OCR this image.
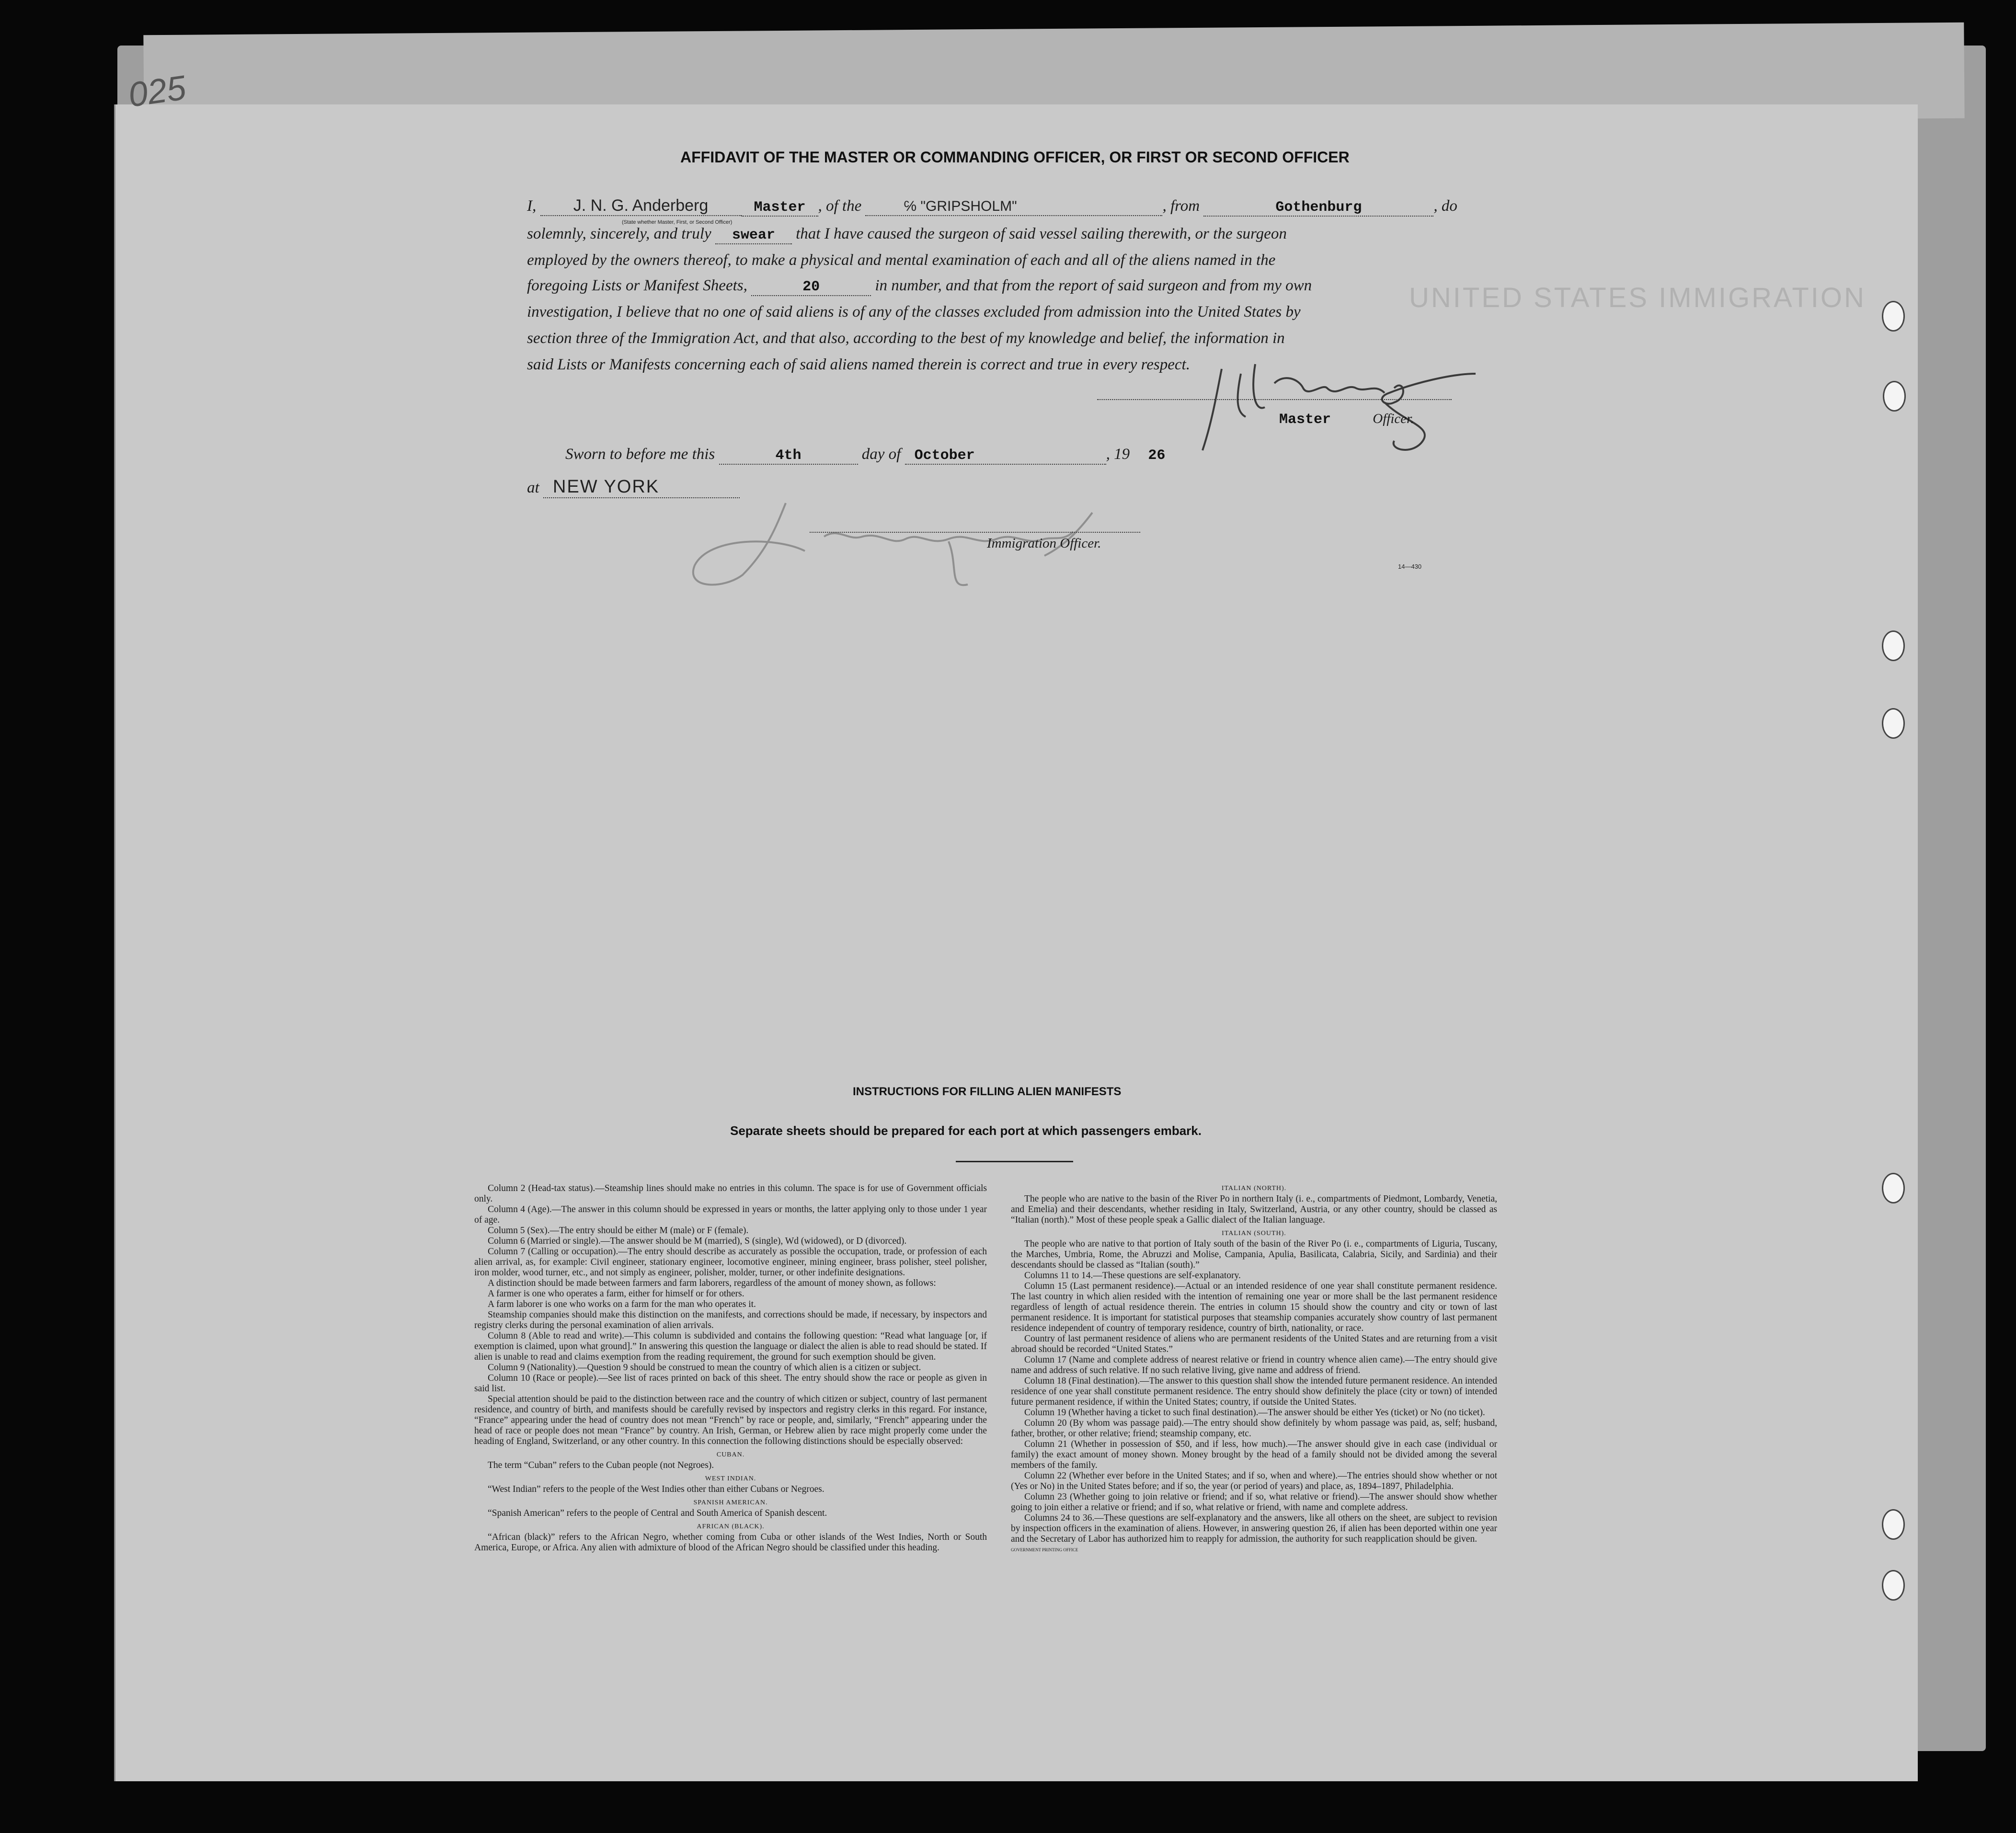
UNITED STATES IMMIGRATION
025
AFFIDAVIT OF THE MASTER OR COMMANDING OFFICER, OR FIRST OR SECOND OFFICER
I, J. N. G. Anderberg	Master , of the	℅ "GRIPSHOLM"	, from	Gothenburg	, do
(State whether Master, First, or Second Officer)
solemnly, sincerely, and truly swear that I have caused the surgeon of said vessel sailing therewith, or the surgeon
employed by the owners thereof, to make a physical and mental examination of each and all of the aliens named in the
foregoing Lists or Manifest Sheets,	20	in number, and that from the report of said surgeon and from my own
investigation, I believe that no one of said aliens is of any of the classes excluded from admission into the United States by
section three of the Immigration Act, and that also, according to the best of my knowledge and belief, the information in
said Lists or Manifests concerning each of said aliens named therein is correct and true in every respect.
Master	Officer.
Sworn to before me this	4th	day of October	, 19 26
at NEW YORK
Immigration Officer.
14—430
INSTRUCTIONS FOR FILLING ALIEN MANIFESTS
Separate sheets should be prepared for each port at which passengers embark.

Column 2 (Head-tax status).—Steamship lines should make no entries in this column. The space is for use of Government officials only.

Column 4 (Age).—The answer in this column should be expressed in years or months, the latter applying only to those under 1 year of age.

Column 5 (Sex).—The entry should be either M (male) or F (female).

Column 6 (Married or single).—The answer should be M (married), S (single), Wd (widowed), or D (divorced).

Column 7 (Calling or occupation).—The entry should describe as accurately as possible the occupation, trade, or profession of each alien arrival, as, for example: Civil engineer, stationary engineer, locomotive engineer, mining engineer, brass polisher, steel polisher, iron molder, wood turner, etc., and not simply as engineer, polisher, molder, turner, or other indefinite designations.

A distinction should be made between farmers and farm laborers, regardless of the amount of money shown, as follows:

A farmer is one who operates a farm, either for himself or for others.

A farm laborer is one who works on a farm for the man who operates it.

Steamship companies should make this distinction on the manifests, and corrections should be made, if necessary, by inspectors and registry clerks during the personal examination of alien arrivals.

Column 8 (Able to read and write).—This column is subdivided and contains the following question: “Read what language [or, if exemption is claimed, upon what ground].” In answering this question the language or dialect the alien is able to read should be stated. If alien is unable to read and claims exemption from the reading requirement, the ground for such exemption should be given.

Column 9 (Nationality).—Question 9 should be construed to mean the country of which alien is a citizen or subject.

Column 10 (Race or people).—See list of races printed on back of this sheet. The entry should show the race or people as given in said list.

Special attention should be paid to the distinction between race and the country of which citizen or subject, country of last permanent residence, and country of birth, and manifests should be carefully revised by inspectors and registry clerks in this regard. For instance, “France” appearing under the head of country does not mean “French” by race or people, and, similarly, “French” appearing under the head of race or people does not mean “France” by country. An Irish, German, or Hebrew alien by race might properly come under the heading of England, Switzerland, or any other country. In this connection the following distinctions should be especially observed:

CUBAN.

The term “Cuban” refers to the Cuban people (not Negroes).

WEST INDIAN.

“West Indian” refers to the people of the West Indies other than either Cubans or Negroes.

SPANISH AMERICAN.

“Spanish American” refers to the people of Central and South America of Spanish descent.

AFRICAN (BLACK).

“African (black)” refers to the African Negro, whether coming from Cuba or other islands of the West Indies, North or South America, Europe, or Africa. Any alien with admixture of blood of the African Negro should be classified under this heading.

ITALIAN (NORTH).

The people who are native to the basin of the River Po in northern Italy (i. e., compartments of Piedmont, Lombardy, Venetia, and Emelia) and their descendants, whether residing in Italy, Switzerland, Austria, or any other country, should be classed as “Italian (north).” Most of these people speak a Gallic dialect of the Italian language.

ITALIAN (SOUTH).

The people who are native to that portion of Italy south of the basin of the River Po (i. e., compartments of Liguria, Tuscany, the Marches, Umbria, Rome, the Abruzzi and Molise, Campania, Apulia, Basilicata, Calabria, Sicily, and Sardinia) and their descendants should be classed as “Italian (south).”

Columns 11 to 14.—These questions are self-explanatory.

Column 15 (Last permanent residence).—Actual or an intended residence of one year shall constitute permanent residence. The last country in which alien resided with the intention of remaining one year or more shall be the last permanent residence regardless of length of actual residence therein. The entries in column 15 should show the country and city or town of last permanent residence. It is important for statistical purposes that steamship companies accurately show country of last permanent residence independent of country of temporary residence, country of birth, nationality, or race.

Country of last permanent residence of aliens who are permanent residents of the United States and are returning from a visit abroad should be recorded “United States.”

Column 17 (Name and complete address of nearest relative or friend in country whence alien came).—The entry should give name and address of such relative. If no such relative living, give name and address of friend.

Column 18 (Final destination).—The answer to this question shall show the intended future permanent residence. An intended residence of one year shall constitute permanent residence. The entry should show definitely the place (city or town) of intended future permanent residence, if within the United States; country, if outside the United States.

Column 19 (Whether having a ticket to such final destination).—The answer should be either Yes (ticket) or No (no ticket).

Column 20 (By whom was passage paid).—The entry should show definitely by whom passage was paid, as, self; husband, father, brother, or other relative; friend; steamship company, etc.

Column 21 (Whether in possession of $50, and if less, how much).—The answer should give in each case (individual or family) the exact amount of money shown. Money brought by the head of a family should not be divided among the several members of the family.

Column 22 (Whether ever before in the United States; and if so, when and where).—The entries should show whether or not (Yes or No) in the United States before; and if so, the year (or period of years) and place, as, 1894–1897, Philadelphia.

Column 23 (Whether going to join relative or friend; and if so, what relative or friend).—The answer should show whether going to join either a relative or friend; and if so, what relative or friend, with name and complete address.

Columns 24 to 36.—These questions are self-explanatory and the answers, like all others on the sheet, are subject to revision by inspection officers in the examination of aliens. However, in answering question 26, if alien has been deported within one year and the Secretary of Labor has authorized him to reapply for admission, the authority for such reapplication should be given.

GOVERNMENT PRINTING OFFICE
